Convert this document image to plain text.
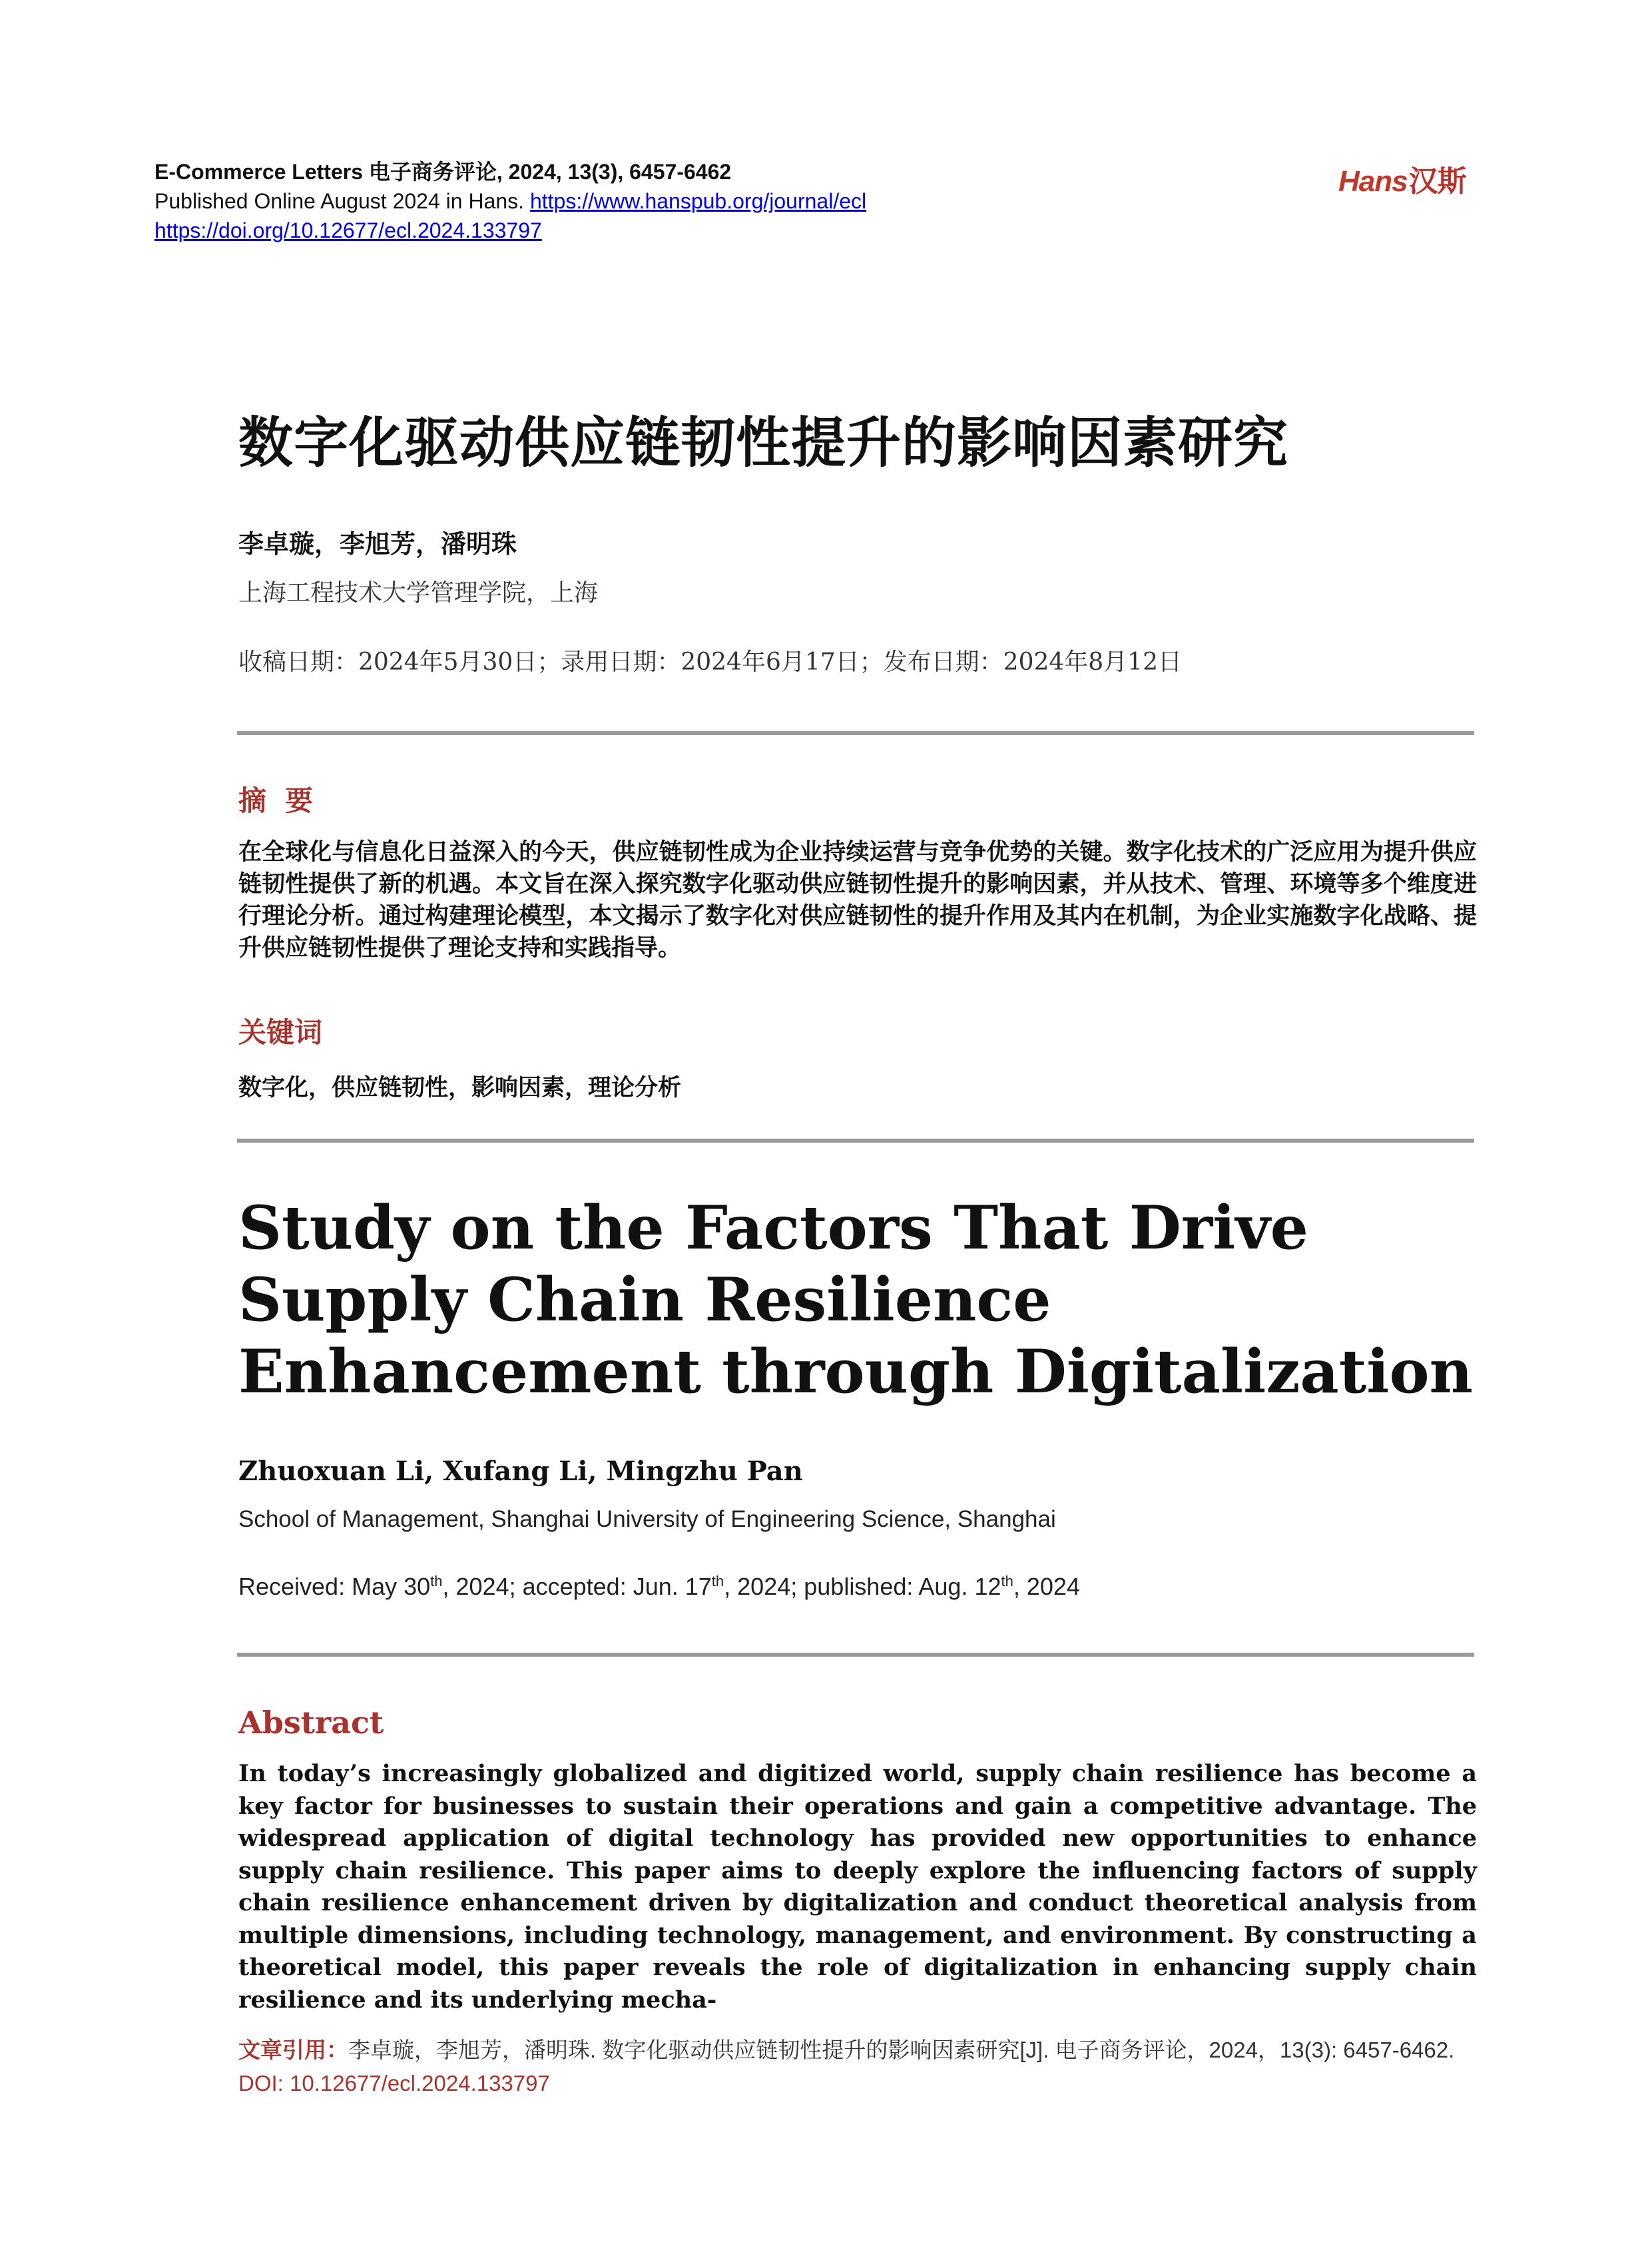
E-Commerce Letters 电子商务评论, 2024, 13(3), 6457-6462
Published Online August 2024 in Hans. https://www.hanspub.org/journal/ecl
https://doi.org/10.12677/ecl.2024.133797
Hans汉斯
数字化驱动供应链韧性提升的影响因素研究
李卓璇，李旭芳，潘明珠
上海工程技术大学管理学院，上海
收稿日期：2024年5月30日；录用日期：2024年6月17日；发布日期：2024年8月12日
摘要
在全球化与信息化日益深入的今天，供应链韧性成为企业持续运营与竞争优势的关键。数字化技术的广泛应用为提升供应链韧性提供了新的机遇。本文旨在深入探究数字化驱动供应链韧性提升的影响因素，并从技术、管理、环境等多个维度进行理论分析。通过构建理论模型，本文揭示了数字化对供应链韧性的提升作用及其内在机制，为企业实施数字化战略、提升供应链韧性提供了理论支持和实践指导。
关键词
数字化，供应链韧性，影响因素，理论分析
Study on the Factors That Drive Supply Chain Resilience Enhancement through Digitalization
Zhuoxuan Li, Xufang Li, Mingzhu Pan
School of Management, Shanghai University of Engineering Science, Shanghai
Received: May 30th, 2024; accepted: Jun. 17th, 2024; published: Aug. 12th, 2024
Abstract
In today’s increasingly globalized and digitized world, supply chain resilience has become a key factor for businesses to sustain their operations and gain a competitive advantage. The widespread application of digital technology has provided new opportunities to enhance supply chain resilience. This paper aims to deeply explore the influencing factors of supply chain resilience enhancement driven by digitalization and conduct theoretical analysis from multiple dimensions, including technology, management, and environment. By constructing a theoretical model, this paper reveals the role of digitalization in enhancing supply chain resilience and its underlying mecha-
文章引用：李卓璇，李旭芳，潘明珠. 数字化驱动供应链韧性提升的影响因素研究[J]. 电子商务评论，2024，13(3): 6457-6462. DOI: 10.12677/ecl.2024.133797
